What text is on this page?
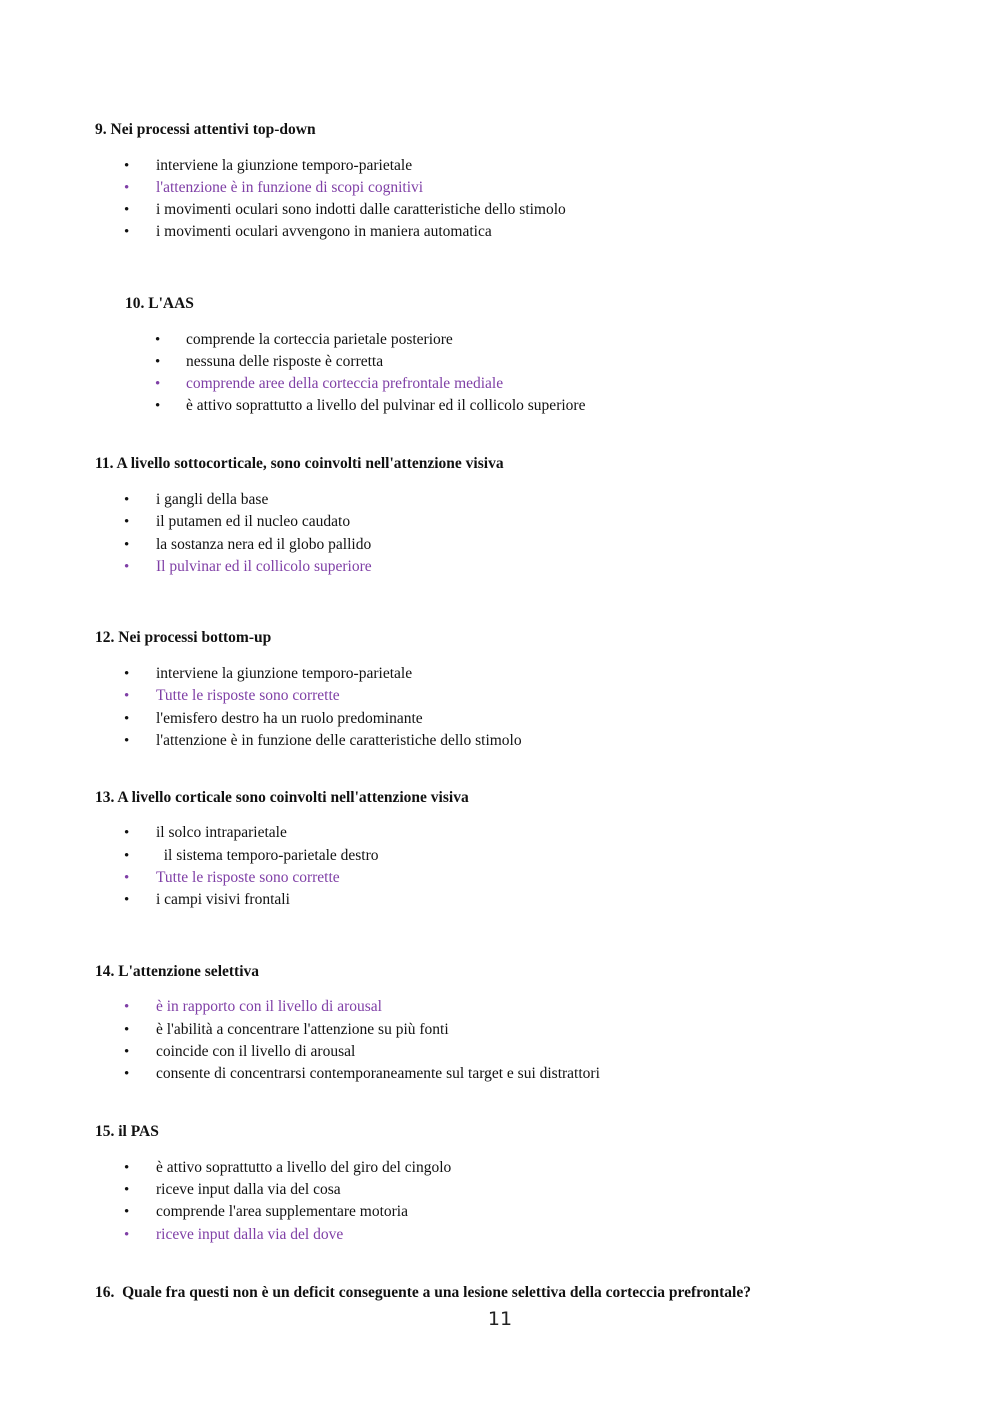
9. Nei processi attentivi top-down
• interviene la giunzione temporo-parietale
• l'attenzione è in funzione di scopi cognitivi
• i movimenti oculari sono indotti dalle caratteristiche dello stimolo
• i movimenti oculari avvengono in maniera automatica
10. L'AAS
• comprende la corteccia parietale posteriore
• nessuna delle risposte è corretta
• comprende aree della corteccia prefrontale mediale
• è attivo soprattutto a livello del pulvinar ed il collicolo superiore
11. A livello sottocorticale, sono coinvolti nell'attenzione visiva
• i gangli della base
• il putamen ed il nucleo caudato
• la sostanza nera ed il globo pallido
• Il pulvinar ed il collicolo superiore
12. Nei processi bottom-up
• interviene la giunzione temporo-parietale
• Tutte le risposte sono corrette
• l'emisfero destro ha un ruolo predominante
• l'attenzione è in funzione delle caratteristiche dello stimolo
13. A livello corticale sono coinvolti nell'attenzione visiva
• il solco intraparietale
• il sistema temporo-parietale destro
• Tutte le risposte sono corrette
• i campi visivi frontali
14. L'attenzione selettiva
• è in rapporto con il livello di arousal
• è l'abilità a concentrare l'attenzione su più fonti
• coincide con il livello di arousal
• consente di concentrarsi contemporaneamente sul target e sui distrattori
15. il PAS
• è attivo soprattutto a livello del giro del cingolo
• riceve input dalla via del cosa
• comprende l'area supplementare motoria
• riceve input dalla via del dove
16.  Quale fra questi non è un deficit conseguente a una lesione selettiva della corteccia prefrontale?
11
